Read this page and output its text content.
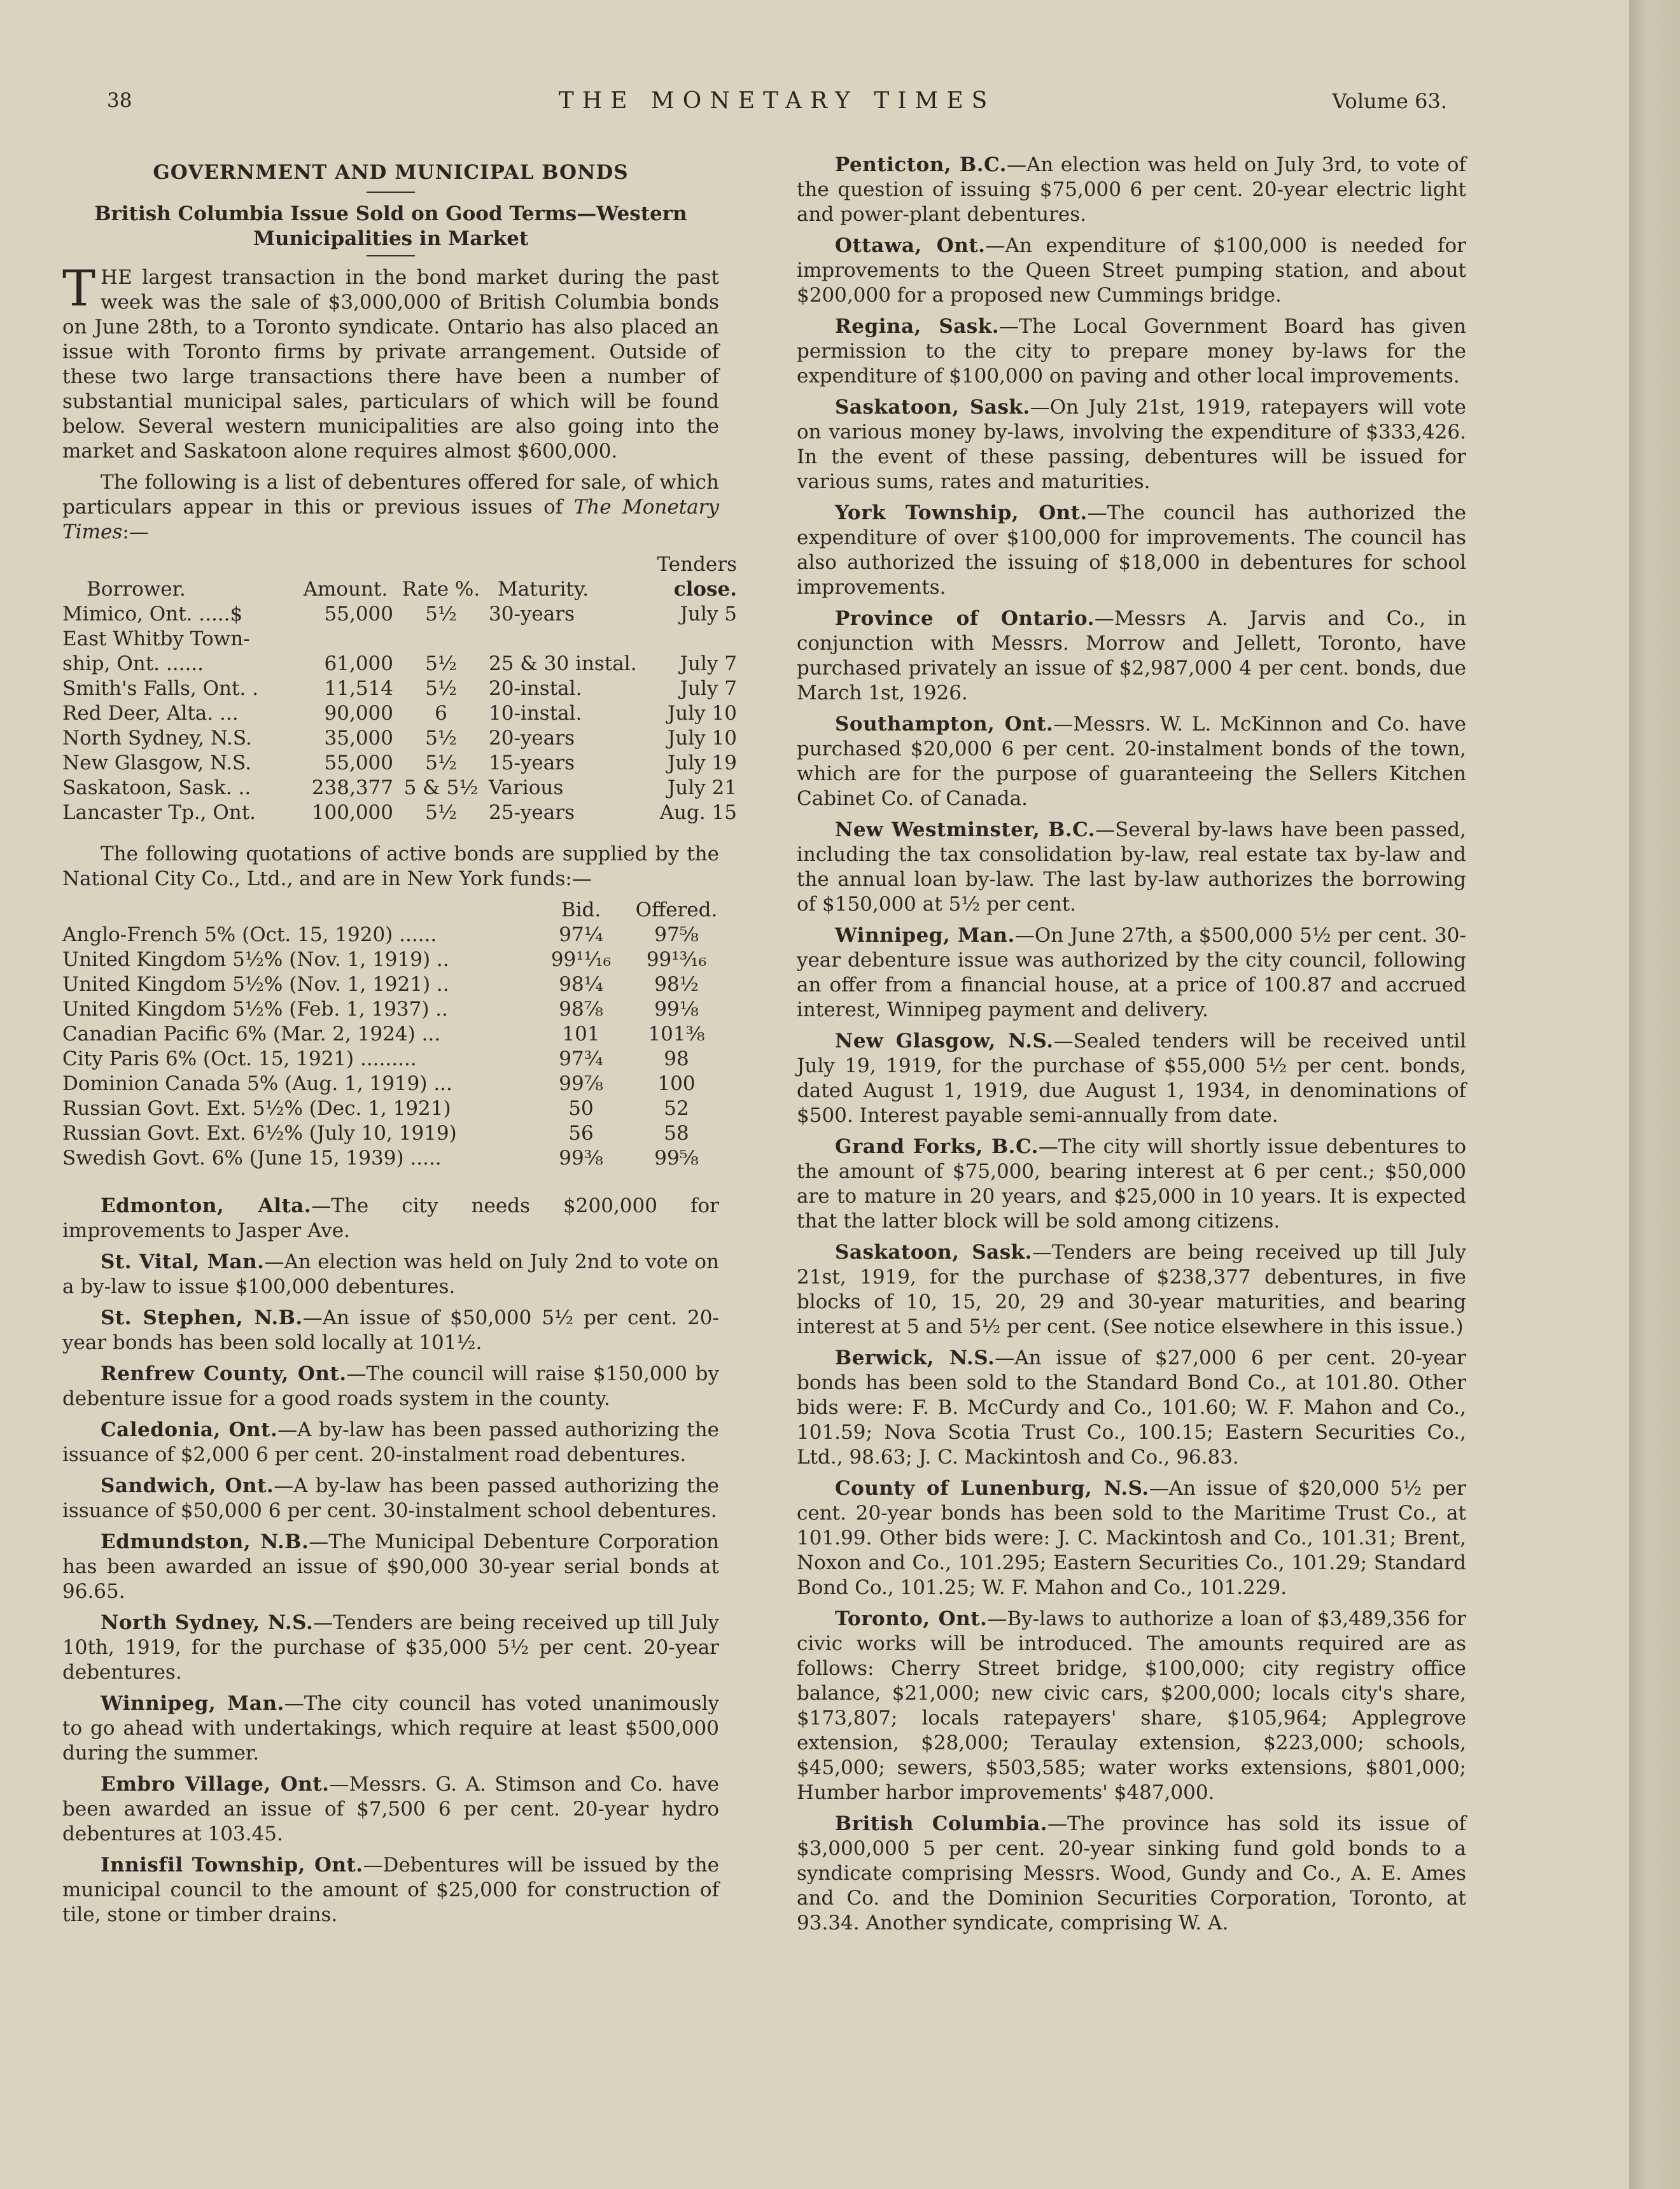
38	THE MONETARY TIMES	Volume 63.
GOVERNMENT AND MUNICIPAL BONDS

British Columbia Issue Sold on Good Terms—Western Municipalities in Market

THE largest transaction in the bond market during the past week was the sale of $3,000,000 of British Columbia bonds on June 28th, to a Toronto syndicate. Ontario has also placed an issue with Toronto firms by private arrangement. Outside of these two large transactions there have been a number of substantial municipal sales, particulars of which will be found below. Several western municipalities are also going into the market and Saskatoon alone requires almost $600,000.

The following is a list of debentures offered for sale, of which particulars appear in this or previous issues of The Monetary Times:—

				Tenders
Borrower.	Amount.	Rate %.	Maturity.	close.
Mimico, Ont. .....$	55,000	5½	30-years	July 5
East Whitby Town-				
ship, Ont. ......	61,000	5½	25 & 30 instal.	July 7
Smith's Falls, Ont. .	11,514	5½	20-instal.	July 7
Red Deer, Alta. ...	90,000	6	10-instal.	July 10
North Sydney, N.S.	35,000	5½	20-years	July 10
New Glasgow, N.S.	55,000	5½	15-years	July 19
Saskatoon, Sask. ..	238,377	5 & 5½	Various	July 21
Lancaster Tp., Ont.	100,000	5½	25-years	Aug. 15

The following quotations of active bonds are supplied by the National City Co., Ltd., and are in New York funds:—

	Bid.	Offered.
Anglo-French 5% (Oct. 15, 1920) ......	97¼	97⅝
United Kingdom 5½% (Nov. 1, 1919) ..	99¹¹⁄₁₆	99¹³⁄₁₆
United Kingdom 5½% (Nov. 1, 1921) ..	98¼	98½
United Kingdom 5½% (Feb. 1, 1937) ..	98⅞	99⅛
Canadian Pacific 6% (Mar. 2, 1924) ...	101	101⅜
City Paris 6% (Oct. 15, 1921) .........	97¾	98
Dominion Canada 5% (Aug. 1, 1919) ...	99⅞	100
Russian Govt. Ext. 5½% (Dec. 1, 1921)	50	52
Russian Govt. Ext. 6½% (July 10, 1919)	56	58
Swedish Govt. 6% (June 15, 1939) .....	99⅜	99⅝

Edmonton, Alta.—The city needs $200,000 for improvements to Jasper Ave.

St. Vital, Man.—An election was held on July 2nd to vote on a by-law to issue $100,000 debentures.

St. Stephen, N.B.—An issue of $50,000 5½ per cent. 20-year bonds has been sold locally at 101½.

Renfrew County, Ont.—The council will raise $150,000 by debenture issue for a good roads system in the county.

Caledonia, Ont.—A by-law has been passed authorizing the issuance of $2,000 6 per cent. 20-instalment road debentures.

Sandwich, Ont.—A by-law has been passed authorizing the issuance of $50,000 6 per cent. 30-instalment school debentures.

Edmundston, N.B.—The Municipal Debenture Corporation has been awarded an issue of $90,000 30-year serial bonds at 96.65.

North Sydney, N.S.—Tenders are being received up till July 10th, 1919, for the purchase of $35,000 5½ per cent. 20-year debentures.

Winnipeg, Man.—The city council has voted unanimously to go ahead with undertakings, which require at least $500,000 during the summer.

Embro Village, Ont.—Messrs. G. A. Stimson and Co. have been awarded an issue of $7,500 6 per cent. 20-year hydro debentures at 103.45.

Innisfil Township, Ont.—Debentures will be issued by the municipal council to the amount of $25,000 for construction of tile, stone or timber drains.

Penticton, B.C.—An election was held on July 3rd, to vote of the question of issuing $75,000 6 per cent. 20-year electric light and power-plant debentures.

Ottawa, Ont.—An expenditure of $100,000 is needed for improvements to the Queen Street pumping station, and about $200,000 for a proposed new Cummings bridge.

Regina, Sask.—The Local Government Board has given permission to the city to prepare money by-laws for the expenditure of $100,000 on paving and other local improvements.

Saskatoon, Sask.—On July 21st, 1919, ratepayers will vote on various money by-laws, involving the expenditure of $333,426. In the event of these passing, debentures will be issued for various sums, rates and maturities.

York Township, Ont.—The council has authorized the expenditure of over $100,000 for improvements. The council has also authorized the issuing of $18,000 in debentures for school improvements.

Province of Ontario.—Messrs A. Jarvis and Co., in conjunction with Messrs. Morrow and Jellett, Toronto, have purchased privately an issue of $2,987,000 4 per cent. bonds, due March 1st, 1926.

Southampton, Ont.—Messrs. W. L. McKinnon and Co. have purchased $20,000 6 per cent. 20-instalment bonds of the town, which are for the purpose of guaranteeing the Sellers Kitchen Cabinet Co. of Canada.

New Westminster, B.C.—Several by-laws have been passed, including the tax consolidation by-law, real estate tax by-law and the annual loan by-law. The last by-law authorizes the borrowing of $150,000 at 5½ per cent.

Winnipeg, Man.—On June 27th, a $500,000 5½ per cent. 30-year debenture issue was authorized by the city council, following an offer from a financial house, at a price of 100.87 and accrued interest, Winnipeg payment and delivery.

New Glasgow, N.S.—Sealed tenders will be received until July 19, 1919, for the purchase of $55,000 5½ per cent. bonds, dated August 1, 1919, due August 1, 1934, in denominations of $500. Interest payable semi-annually from date.

Grand Forks, B.C.—The city will shortly issue debentures to the amount of $75,000, bearing interest at 6 per cent.; $50,000 are to mature in 20 years, and $25,000 in 10 years. It is expected that the latter block will be sold among citizens.

Saskatoon, Sask.—Tenders are being received up till July 21st, 1919, for the purchase of $238,377 debentures, in five blocks of 10, 15, 20, 29 and 30-year maturities, and bearing interest at 5 and 5½ per cent. (See notice elsewhere in this issue.)

Berwick, N.S.—An issue of $27,000 6 per cent. 20-year bonds has been sold to the Standard Bond Co., at 101.80. Other bids were: F. B. McCurdy and Co., 101.60; W. F. Mahon and Co., 101.59; Nova Scotia Trust Co., 100.15; Eastern Securities Co., Ltd., 98.63; J. C. Mackintosh and Co., 96.83.

County of Lunenburg, N.S.—An issue of $20,000 5½ per cent. 20-year bonds has been sold to the Maritime Trust Co., at 101.99. Other bids were: J. C. Mackintosh and Co., 101.31; Brent, Noxon and Co., 101.295; Eastern Securities Co., 101.29; Standard Bond Co., 101.25; W. F. Mahon and Co., 101.229.

Toronto, Ont.—By-laws to authorize a loan of $3,489,356 for civic works will be introduced. The amounts required are as follows: Cherry Street bridge, $100,000; city registry office balance, $21,000; new civic cars, $200,000; locals city's share, $173,807; locals ratepayers' share, $105,964; Applegrove extension, $28,000; Teraulay extension, $223,000; schools, $45,000; sewers, $503,585; water works extensions, $801,000; Humber harbor improvements' $487,000.

British Columbia.—The province has sold its issue of $3,000,000 5 per cent. 20-year sinking fund gold bonds to a syndicate comprising Messrs. Wood, Gundy and Co., A. E. Ames and Co. and the Dominion Securities Corporation, Toronto, at 93.34. Another syndicate, comprising W. A.
